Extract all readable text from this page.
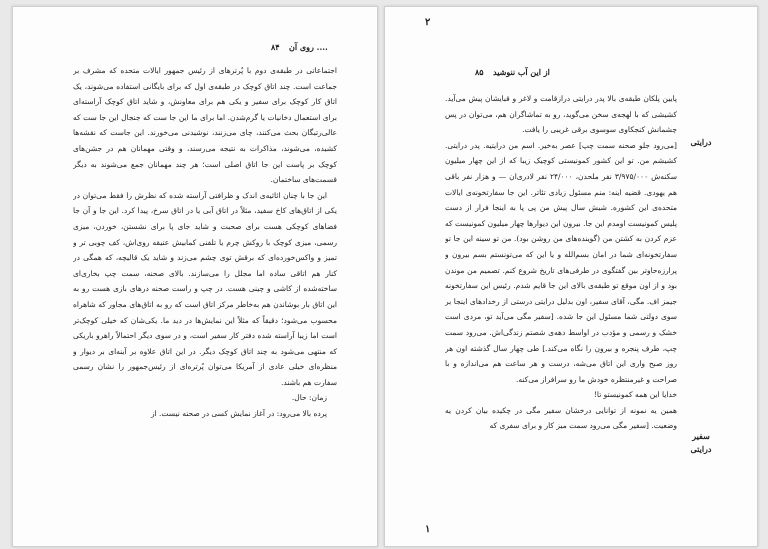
۸۴ روی آن ....

اجتماعاتی در طبقه‌ی دوم با پُرترهای از رئیس جمهور ایالات متحده که مشرف بر جماعت است. چند اتاق کوچک در طبقه‌ی اول که برای بایگانی استفاده می‌شوند، یک اتاق کار کوچک برای سفیر و یکی هم برای معاونش، و شاید اتاق کوچک آراسته‌ای برای استعمال دخانیات یا گرم‌شدن. اما برای ما این جا ست که جنجال این جا ست که عالی‌رتبگان بحث می‌کنند، چای می‌زنند، نوشیدنی می‌خورند. این جاست که نقشه‌ها کشیده، می‌شوند، مذاکرات به نتیجه می‌رسند، و وقتی مهمانان هم در جشن‌های کوچک بر پاست این جا اتاق اصلی است؛ هر چند مهمانان جمع می‌شوند به دیگر قسمت‌های ساختمان.

این جا با چنان اثاثیه‌ی اندک و ظرافتی آراسته شده که نظرش را فقط می‌توان در یکی از اتاق‌های کاخ سفید، مثلاً در اتاق آبی یا در اتاق سرخ، پیدا کرد. این جا و آن جا فضاهای کوچکی هست برای صحبت و شاید جای پا برای نشستن، خوردن، میزی رسمی، میزی کوچک با رو‌کش چرم یا تلفنی کمابیش عتیقه روی‌اش، کف چوبی تر و تمیز و واکس‌خورده‌ای که برقش توی چشم می‌زند و شاید یک قالیچه، که همگی در کنار هم اتاقی ساده اما مجلل را می‌سازند. بالای صحنه، سمت چپ بخاری‌ای ساخته‌شده از کاشی و چینی هست. در چپ و راست صحنه درهای بازی هست رو به این اتاق بار بوشاندن هم به‌خاطر مرکز اتاق است که رو به اتاق‌های مجاور که شاهراه محسوب می‌شود؛ دقیقاً که مثلاً این نمایش‌ها در دید ما. یکی‌شان که خیلی کوچک‌تر است اما زیبا آراسته شده دفتر کار سفیر است، و در سوی دیگر احتمالاً راهرو باریکی که منتهی می‌شود به چند اتاق کوچک دیگر. در این اتاق علاوه بر آینه‌ای بر دیوار و منظره‌ای خیلی عادی از آمریکا می‌توان پُرتره‌ای از رئیس‌جمهور را نشان رسمی سفارت هم باشند.

زمان: حال.

پرده بالا می‌رود: در آغاز نمایش کسی در صحنه نیست. از

۲
۸۵ از این آب ننوشید
درایتی
سفیر
درایتی

پایین پلکان طبقه‌ی بالا پدر درایتی درازقامت و لاغر و قبایشان پیش می‌آید. کشیشی که با لهجه‌ی سخن می‌گوید، رو به تماشاگران هم، می‌توان در پس چشمانش کنجکاوی سوسوی برقی غریبی را یافت.

[می‌رود جلو صحنه سمت چپ] عصر به‌خیر. اسم من درایتیه. پدر درایتی. کشیشم من. تو این کشور کمونیستی کوچیک زیبا که از این چهار میلیون سکنه‌ش ۳/۹۷۵/۰۰۰ نفر ملحدن، ۲۴/۰۰۰ نفر لادری‌ان — و هزار نفر باقی هم یهودی. قضیه اینه: منم مسئول زیادی تئاتر. این جا سفارتخونه‌ی ایالات متحده‌ی این کشوره. شیش سال پیش من پی پا به اینجا فرار از دست پلیس کمونیست اومدم این جا. بیرون این دیوارها چهار میلیون کمونیست که عزم کردن به کشتن من (گوینده‌های من روشن بود). من تو سینه این جا تو سفارتخونه‌ای شما در امان بسم‌الله و یا این که می‌تونستم بسم بیرون و پرارزه‌حاوتر بین گفتگوی در طرفی‌های تاریخ شروع کنم. تصمیم من موندن بود و از اون موقع تو طبقه‌ی بالای این جا قایم شدم. رئیس این سفارتخونه جیمز اف. مگی، آقای سفیر، اون بدلیل درایتی درستی از رخدادهای اینجا بر سوی دولتی شما مسئول این جا شده. [سفیر مگی می‌آید تو، مردی است خشک و رسمی و مؤدب در اواسط دهه‌ی شصتم زندگی‌اش. می‌رود سمت چپ، طرف پنجره و بیرون را نگاه می‌کند.] طی چهار سال گذشته اون هر روز صبح واری این اتاق می‌شه، درست و هر ساعت هم می‌اندازه و با صراحت و غیرمنتظره خودش ما رو سرافراز می‌کنه.

خدایا این همه کمونیستو تا!

همین یه نمونه از توانایی درخشان سفیر مگی در چکیده بیان کردن یه وضعیت. [سفیر مگی می‌رود سمت میز کار و برای سفری که

۱
